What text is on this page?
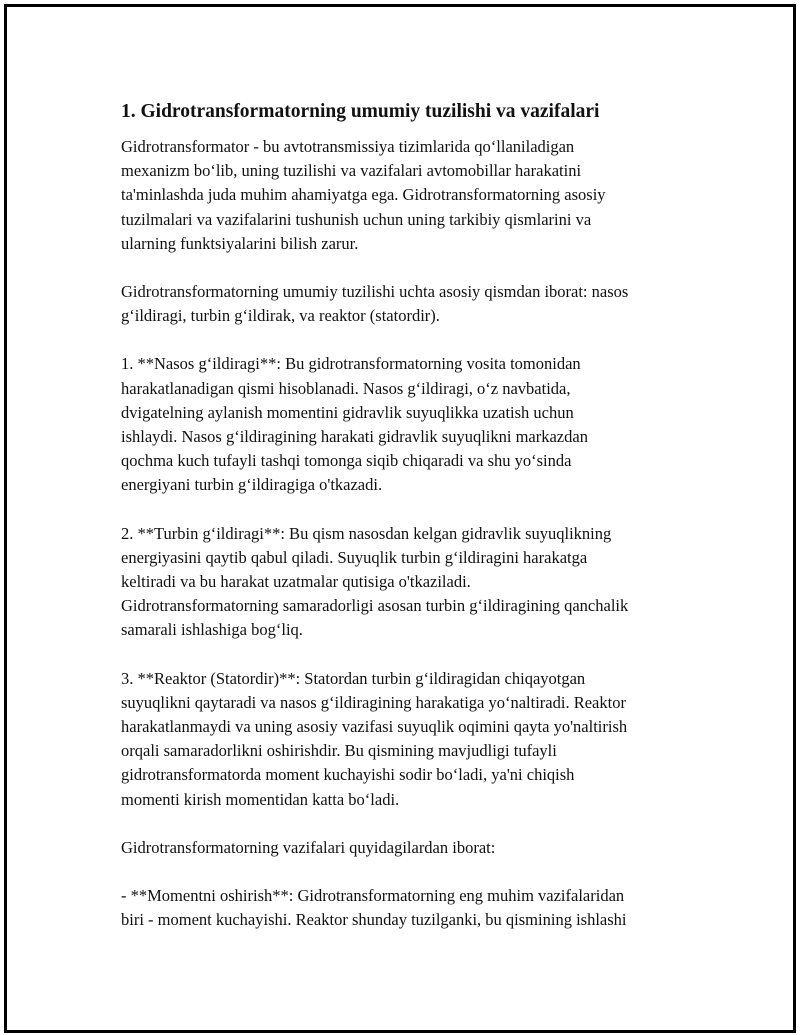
1. Gidrotransformatorning umumiy tuzilishi va vazifalari

Gidrotransformator - bu avtotransmissiya tizimlarida qo‘llaniladigan
mexanizm bo‘lib, uning tuzilishi va vazifalari avtomobillar harakatini
ta'minlashda juda muhim ahamiyatga ega. Gidrotransformatorning asosiy
tuzilmalari va vazifalarini tushunish uchun uning tarkibiy qismlarini va
ularning funktsiyalarini bilish zarur.

Gidrotransformatorning umumiy tuzilishi uchta asosiy qismdan iborat: nasos
g‘ildiragi, turbin g‘ildirak, va reaktor (statordir).

1. **Nasos g‘ildiragi**: Bu gidrotransformatorning vosita tomonidan
harakatlanadigan qismi hisoblanadi. Nasos g‘ildiragi, o‘z navbatida,
dvigatelning aylanish momentini gidravlik suyuqlikka uzatish uchun
ishlaydi. Nasos g‘ildiragining harakati gidravlik suyuqlikni markazdan
qochma kuch tufayli tashqi tomonga siqib chiqaradi va shu yo‘sinda
energiyani turbin g‘ildiragiga o'tkazadi.

2. **Turbin g‘ildiragi**: Bu qism nasosdan kelgan gidravlik suyuqlikning
energiyasini qaytib qabul qiladi. Suyuqlik turbin g‘ildiragini harakatga
keltiradi va bu harakat uzatmalar qutisiga o'tkaziladi.
Gidrotransformatorning samaradorligi asosan turbin g‘ildiragining qanchalik
samarali ishlashiga bog‘liq.

3. **Reaktor (Statordir)**: Statordan turbin g‘ildiragidan chiqayotgan
suyuqlikni qaytaradi va nasos g‘ildiragining harakatiga yo‘naltiradi. Reaktor
harakatlanmaydi va uning asosiy vazifasi suyuqlik oqimini qayta yo'naltirish
orqali samaradorlikni oshirishdir. Bu qismining mavjudligi tufayli
gidrotransformatorda moment kuchayishi sodir bo‘ladi, ya'ni chiqish
momenti kirish momentidan katta bo‘ladi.

Gidrotransformatorning vazifalari quyidagilardan iborat:

- **Momentni oshirish**: Gidrotransformatorning eng muhim vazifalaridan
biri - moment kuchayishi. Reaktor shunday tuzilganki, bu qismining ishlashi
